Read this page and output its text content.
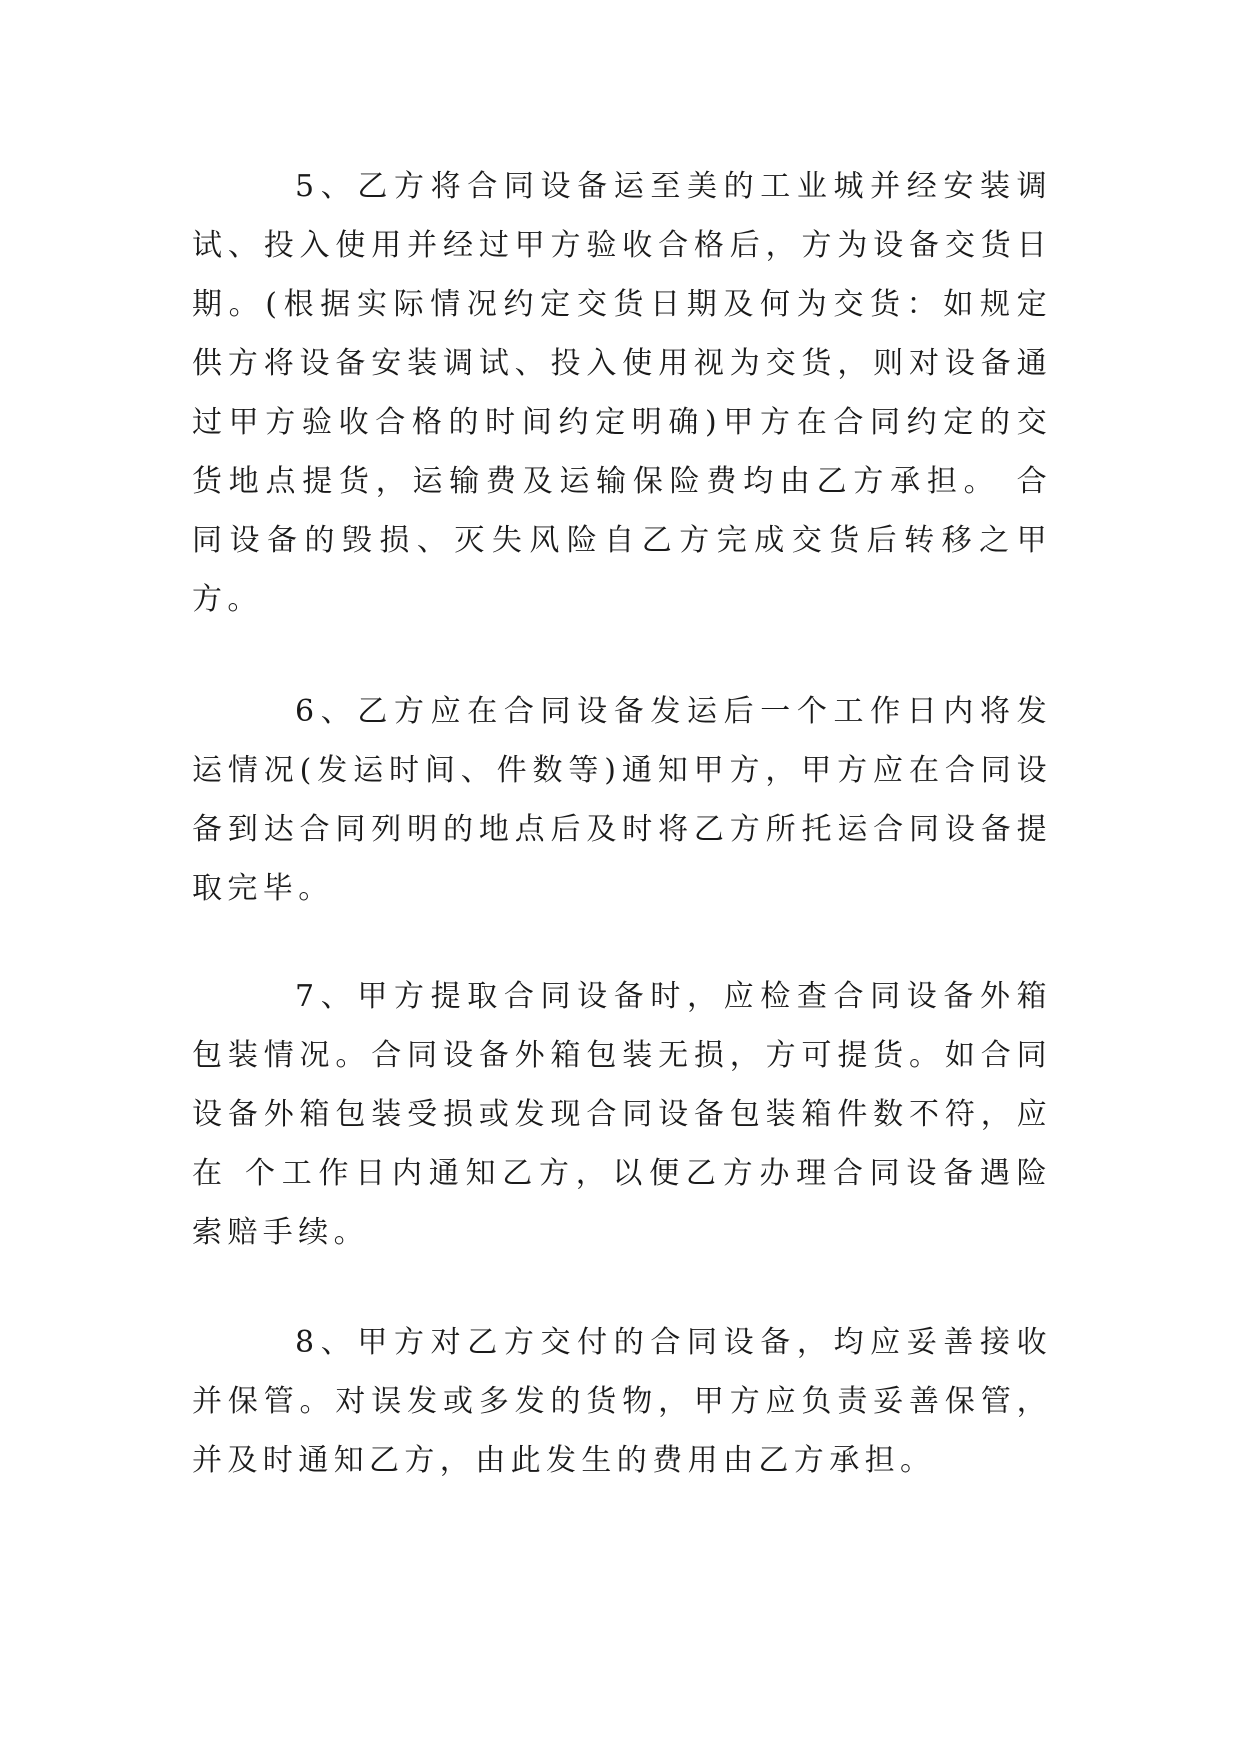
5、乙方将合同设备运至美的工业城并经安装调试、投入使用并经过甲方验收合格后，方为设备交货日期。(根据实际情况约定交货日期及何为交货：如规定供方将设备安装调试、投入使用视为交货，则对设备通过甲方验收合格的时间约定明确)甲方在合同约定的交货地点提货，运输费及运输保险费均由乙方承担。 合同设备的毁损、灭失风险自乙方完成交货后转移之甲方。

6、乙方应在合同设备发运后一个工作日内将发运情况(发运时间、件数等)通知甲方，甲方应在合同设备到达合同列明的地点后及时将乙方所托运合同设备提取完毕。

7、甲方提取合同设备时，应检查合同设备外箱包装情况。合同设备外箱包装无损，方可提货。如合同设备外箱包装受损或发现合同设备包装箱件数不符，应在 个工作日内通知乙方，以便乙方办理合同设备遇险索赔手续。

8、甲方对乙方交付的合同设备，均应妥善接收并保管。对误发或多发的货物，甲方应负责妥善保管，并及时通知乙方，由此发生的费用由乙方承担。
